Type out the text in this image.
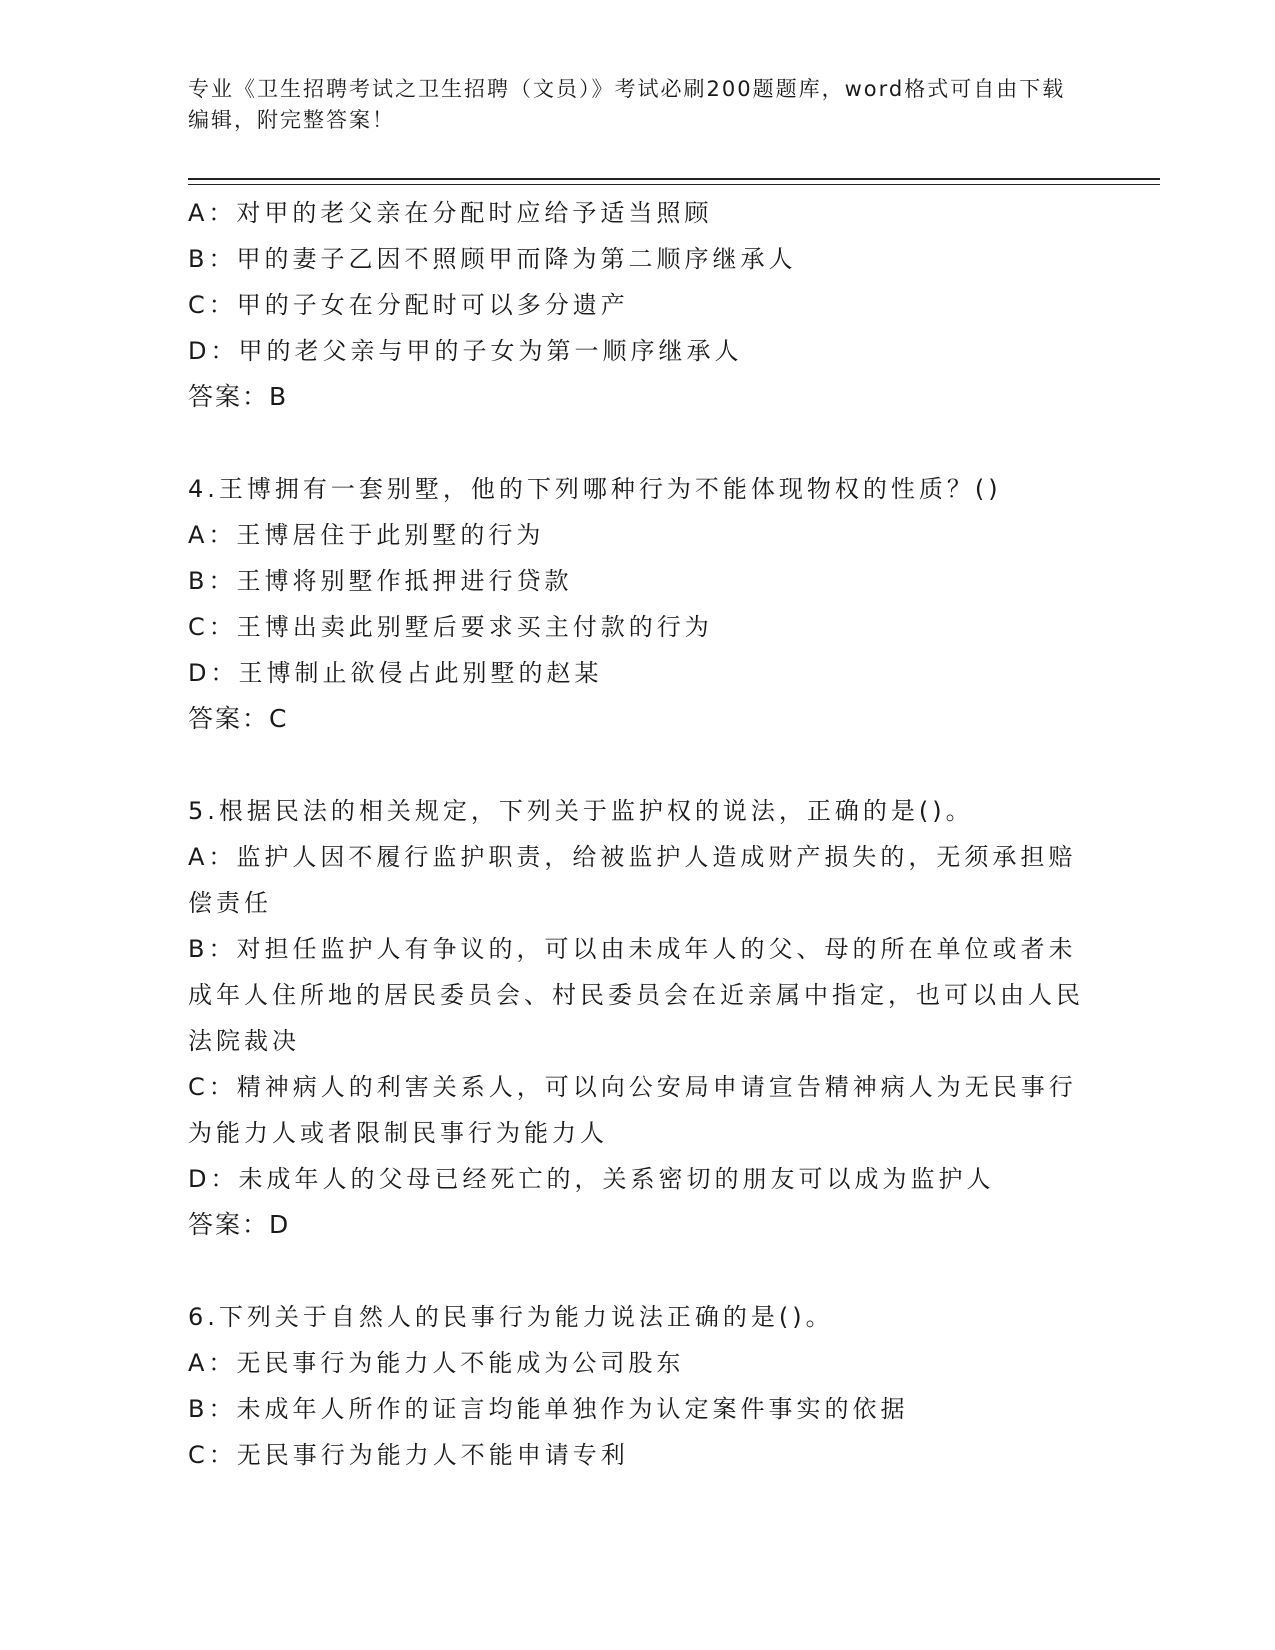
专业《卫生招聘考试之卫生招聘（文员）》考试必刷200题题库，word格式可自由下载编辑，附完整答案！
A：对甲的老父亲在分配时应给予适当照顾
B：甲的妻子乙因不照顾甲而降为第二顺序继承人
C：甲的子女在分配时可以多分遗产
D：甲的老父亲与甲的子女为第一顺序继承人
答案：B
4.王博拥有一套别墅，他的下列哪种行为不能体现物权的性质？()
A：王博居住于此别墅的行为
B：王博将别墅作抵押进行贷款
C：王博出卖此别墅后要求买主付款的行为
D：王博制止欲侵占此别墅的赵某
答案：C
5.根据民法的相关规定，下列关于监护权的说法，正确的是()。
A：监护人因不履行监护职责，给被监护人造成财产损失的，无须承担赔偿责任
B：对担任监护人有争议的，可以由未成年人的父、母的所在单位或者未成年人住所地的居民委员会、村民委员会在近亲属中指定，也可以由人民法院裁决
C：精神病人的利害关系人，可以向公安局申请宣告精神病人为无民事行为能力人或者限制民事行为能力人
D：未成年人的父母已经死亡的，关系密切的朋友可以成为监护人
答案：D
6.下列关于自然人的民事行为能力说法正确的是()。
A：无民事行为能力人不能成为公司股东
B：未成年人所作的证言均能单独作为认定案件事实的依据
C：无民事行为能力人不能申请专利
